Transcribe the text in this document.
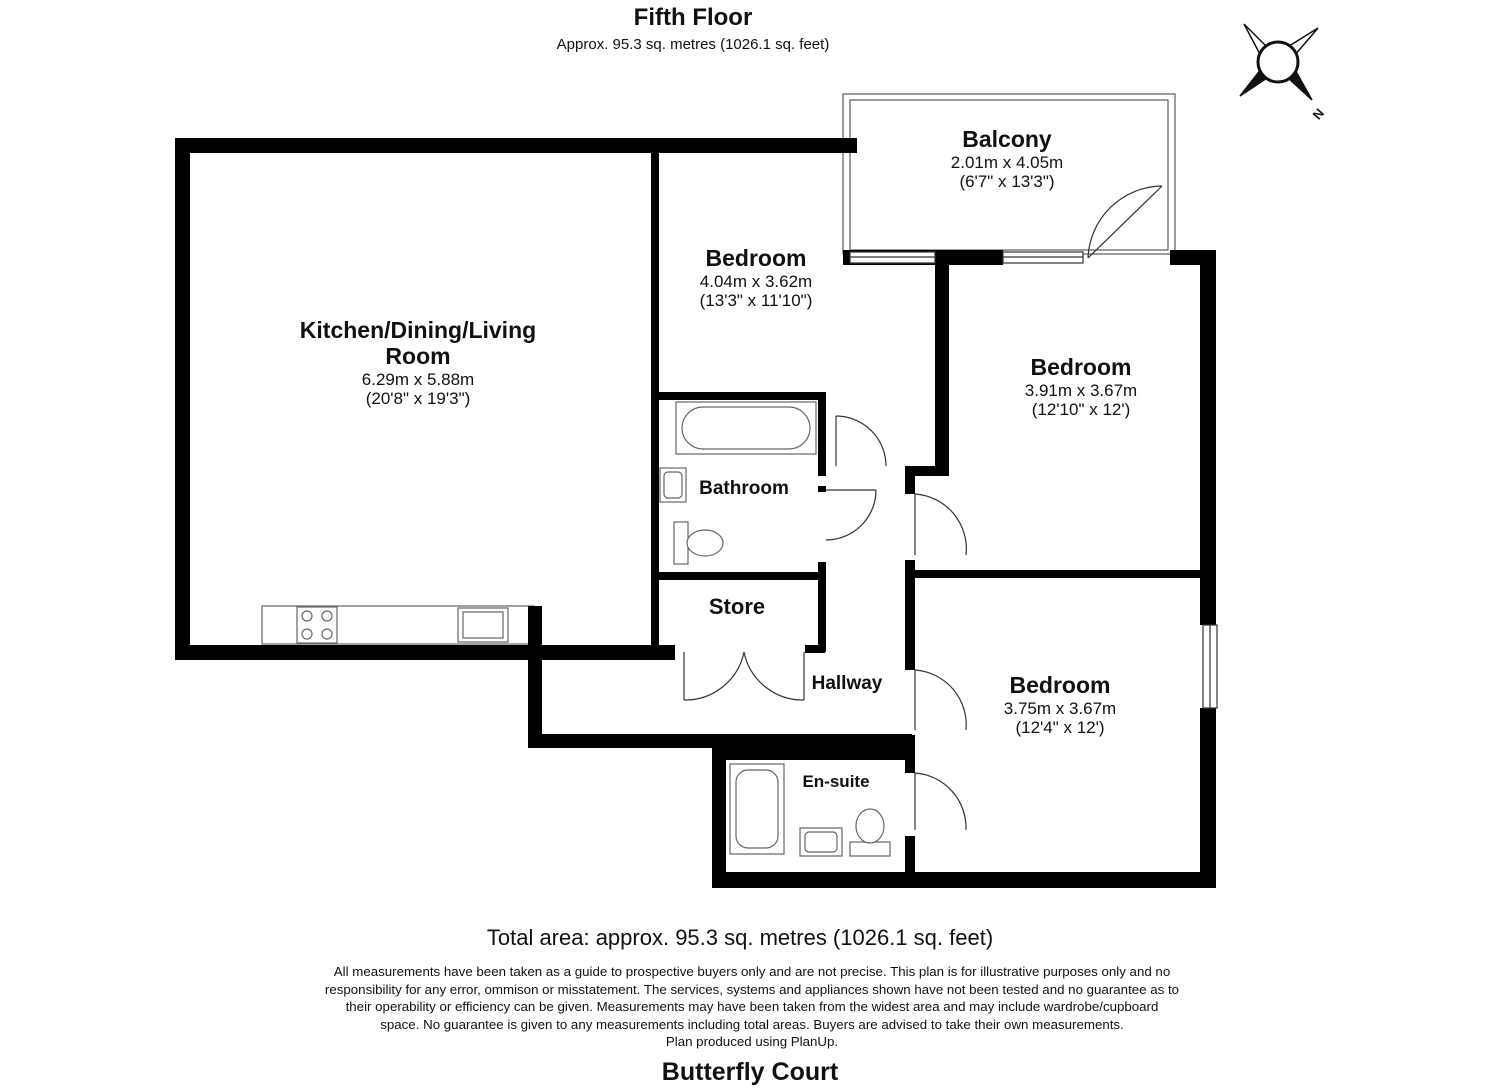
Fifth Floor
Approx. 95.3 sq. metres (1026.1 sq. feet)
N
Kitchen/Dining/Living
Room
6.29m x 5.88m
(20'8" x 19'3")
Bedroom
4.04m x 3.62m
(13'3" x 11'10")
Balcony
2.01m x 4.05m
(6'7" x 13'3")
Bedroom
3.91m x 3.67m
(12'10" x 12')
Bathroom
Store
Hallway	Bedroom
3.75m x 3.67m
(12'4" x 12')
En-suite
Total area: approx. 95.3 sq. metres (1026.1 sq. feet)
All measurements have been taken as a guide to prospective buyers only and are not precise. This plan is for illustrative purposes only and no
responsibility for any error, ommison or misstatement. The services, systems and appliances shown have not been tested and no guarantee as to
their operability or efficiency can be given. Measurements may have been taken from the widest area and may include wardrobe/cupboard
space. No guarantee is given to any measurements including total areas. Buyers are advised to take their own measurements.
Plan produced using PlanUp.
Butterfly Court
